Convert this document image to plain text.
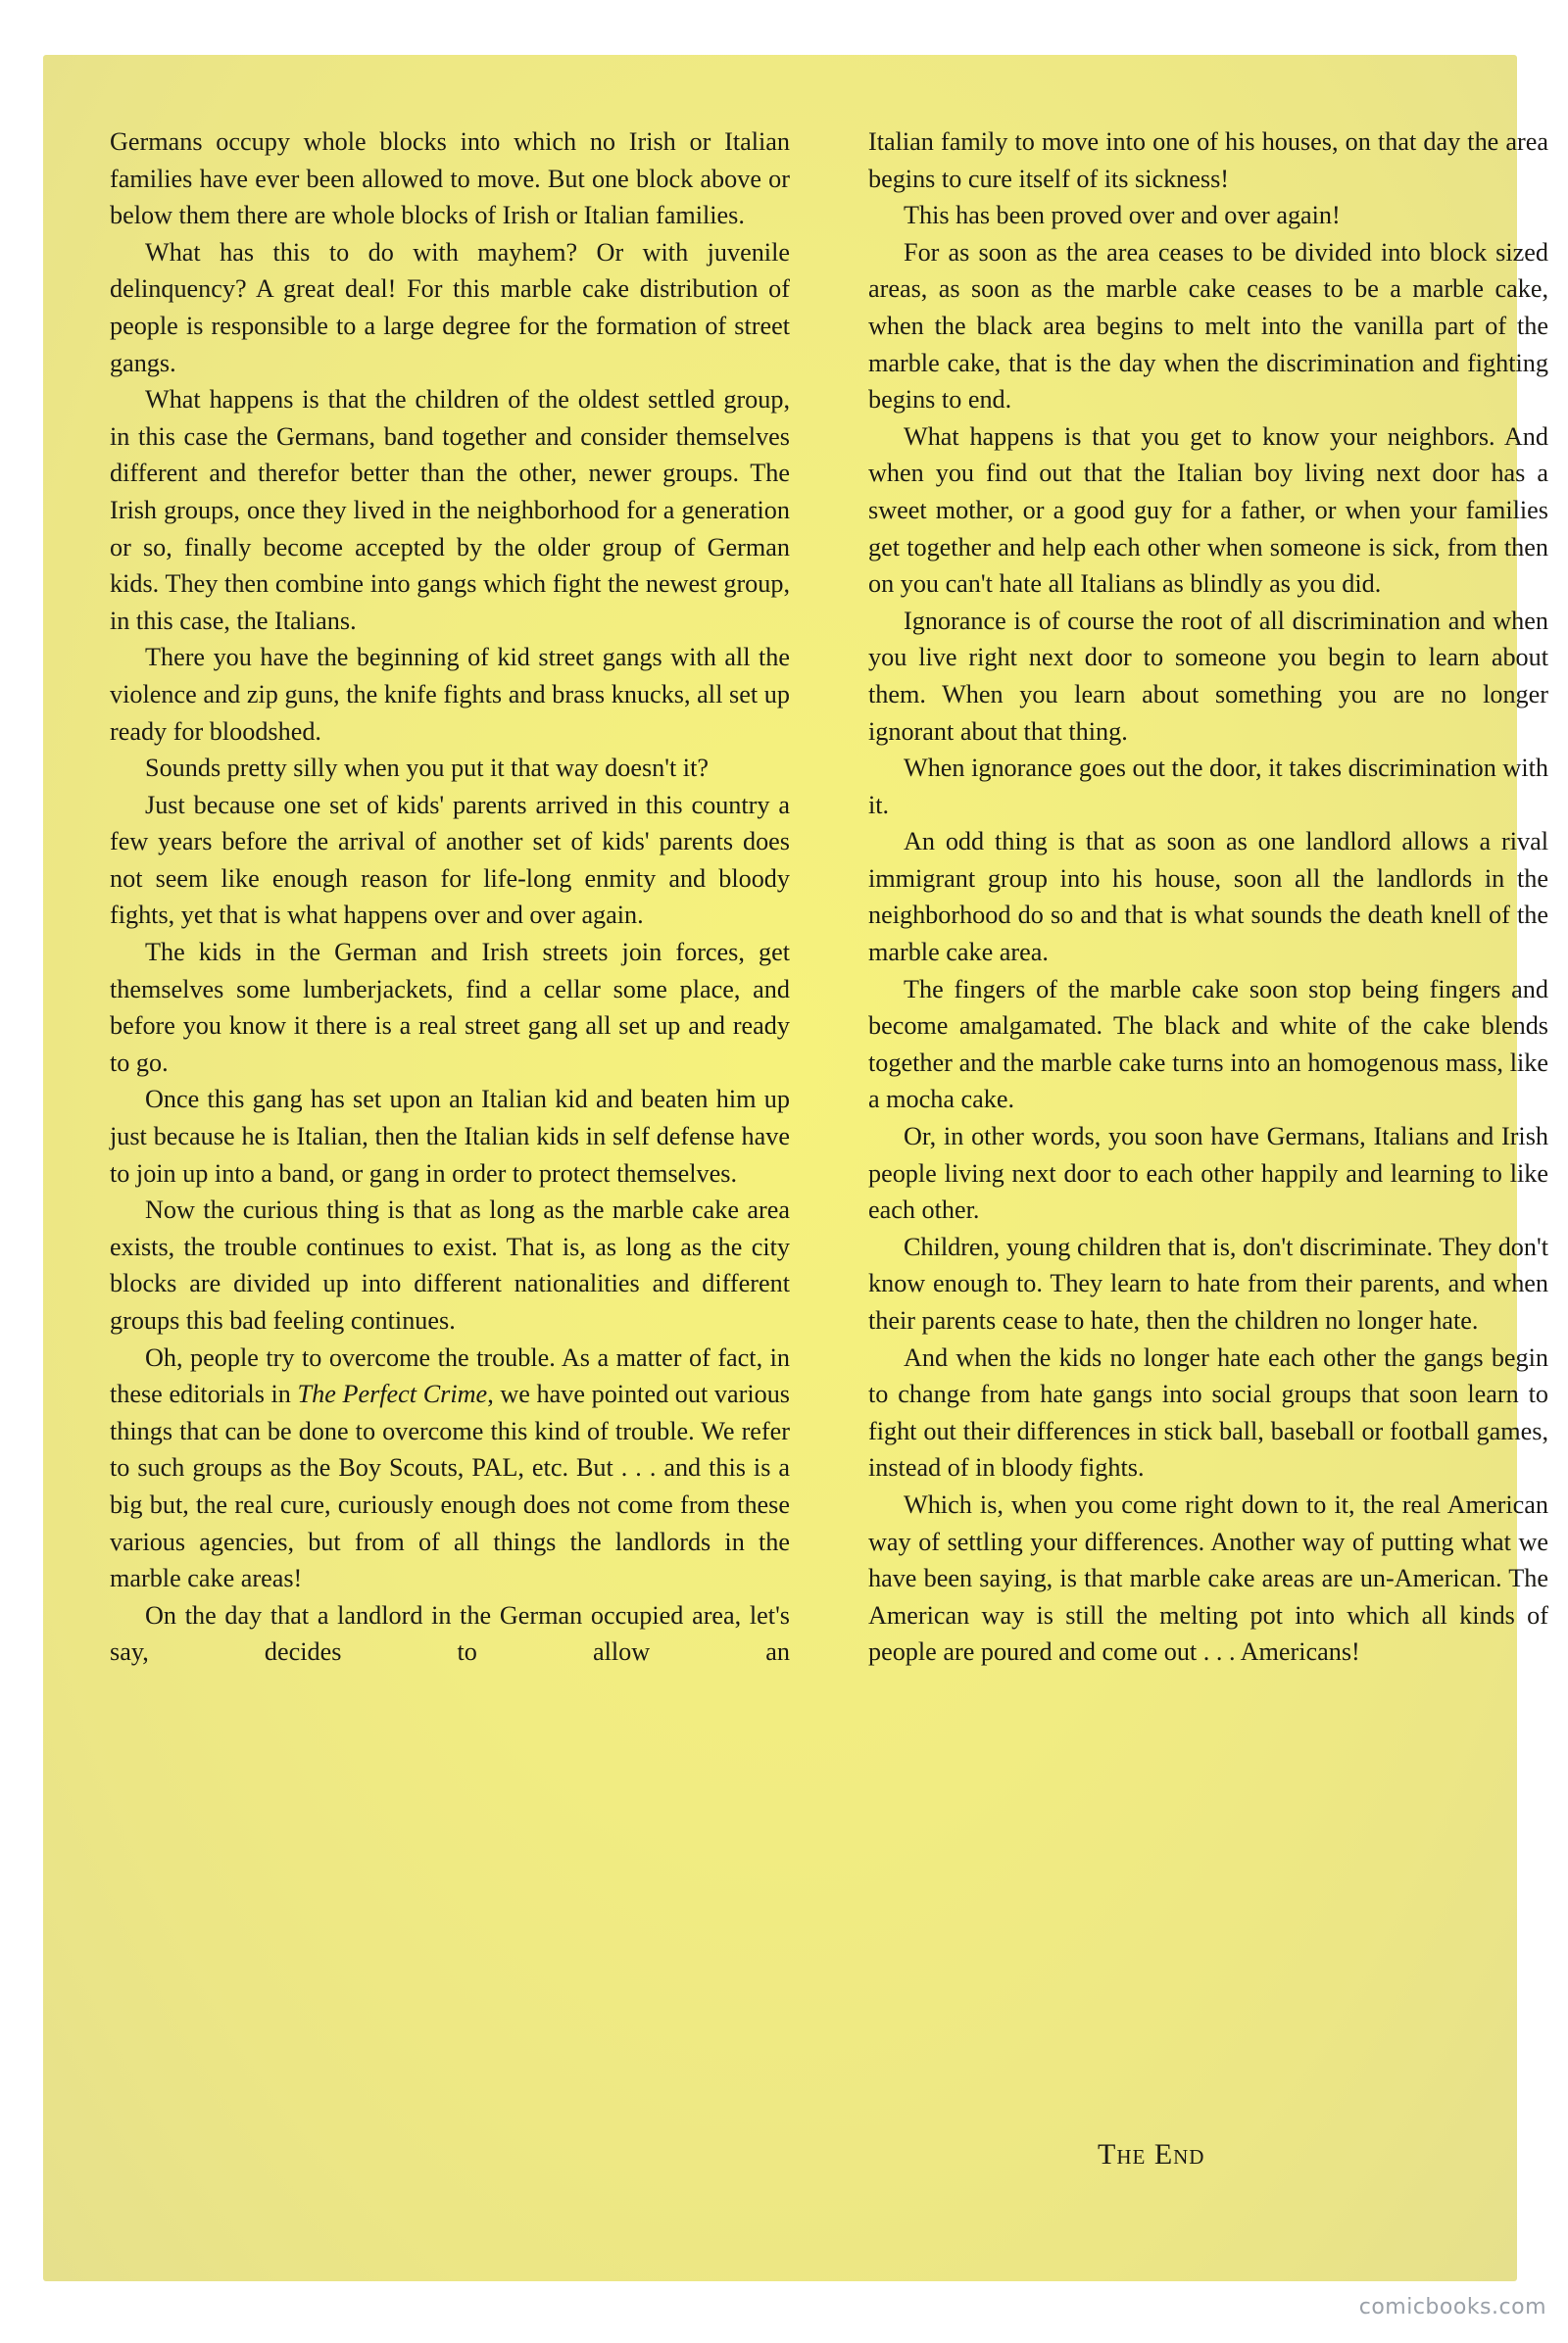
Germans occupy whole blocks into which no Irish or Italian families have ever been allowed to move. But one block above or below them there are whole blocks of Irish or Italian families.

What has this to do with mayhem? Or with juvenile delinquency? A great deal! For this marble cake distribution of people is responsible to a large degree for the formation of street gangs.

What happens is that the children of the oldest settled group, in this case the Germans, band together and consider themselves different and therefor better than the other, newer groups. The Irish groups, once they lived in the neighborhood for a generation or so, finally become accepted by the older group of German kids. They then combine into gangs which fight the newest group, in this case, the Italians.

There you have the beginning of kid street gangs with all the violence and zip guns, the knife fights and brass knucks, all set up ready for bloodshed.

Sounds pretty silly when you put it that way doesn't it?

Just because one set of kids' parents arrived in this country a few years before the arrival of another set of kids' parents does not seem like enough reason for life-long enmity and bloody fights, yet that is what happens over and over again.

The kids in the German and Irish streets join forces, get themselves some lumberjackets, find a cellar some place, and before you know it there is a real street gang all set up and ready to go.

Once this gang has set upon an Italian kid and beaten him up just because he is Italian, then the Italian kids in self defense have to join up into a band, or gang in order to protect themselves.

Now the curious thing is that as long as the marble cake area exists, the trouble continues to exist. That is, as long as the city blocks are divided up into different nationalities and different groups this bad feeling continues.

Oh, people try to overcome the trouble. As a matter of fact, in these editorials in The Perfect Crime, we have pointed out various things that can be done to overcome this kind of trouble. We refer to such groups as the Boy Scouts, PAL, etc. But . . . and this is a big but, the real cure, curiously enough does not come from these various agencies, but from of all things the landlords in the marble cake areas!

On the day that a landlord in the German occupied area, let's say, decides to allow an

Italian family to move into one of his houses, on that day the area begins to cure itself of its sickness!

This has been proved over and over again!

For as soon as the area ceases to be divided into block sized areas, as soon as the marble cake ceases to be a marble cake, when the black area begins to melt into the vanilla part of the marble cake, that is the day when the discrimination and fighting begins to end.

What happens is that you get to know your neighbors. And when you find out that the Italian boy living next door has a sweet mother, or a good guy for a father, or when your families get together and help each other when someone is sick, from then on you can't hate all Italians as blindly as you did.

Ignorance is of course the root of all discrimination and when you live right next door to someone you begin to learn about them. When you learn about something you are no longer ignorant about that thing.

When ignorance goes out the door, it takes discrimination with it.

An odd thing is that as soon as one landlord allows a rival immigrant group into his house, soon all the landlords in the neighborhood do so and that is what sounds the death knell of the marble cake area.

The fingers of the marble cake soon stop being fingers and become amalgamated. The black and white of the cake blends together and the marble cake turns into an homogenous mass, like a mocha cake.

Or, in other words, you soon have Germans, Italians and Irish people living next door to each other happily and learning to like each other.

Children, young children that is, don't discriminate. They don't know enough to. They learn to hate from their parents, and when their parents cease to hate, then the children no longer hate.

And when the kids no longer hate each other the gangs begin to change from hate gangs into social groups that soon learn to fight out their differences in stick ball, baseball or football games, instead of in bloody fights.

Which is, when you come right down to it, the real American way of settling your differences. Another way of putting what we have been saying, is that marble cake areas are un-American. The American way is still the melting pot into which all kinds of people are poured and come out . . . Americans!

The End
comicbooks.com
